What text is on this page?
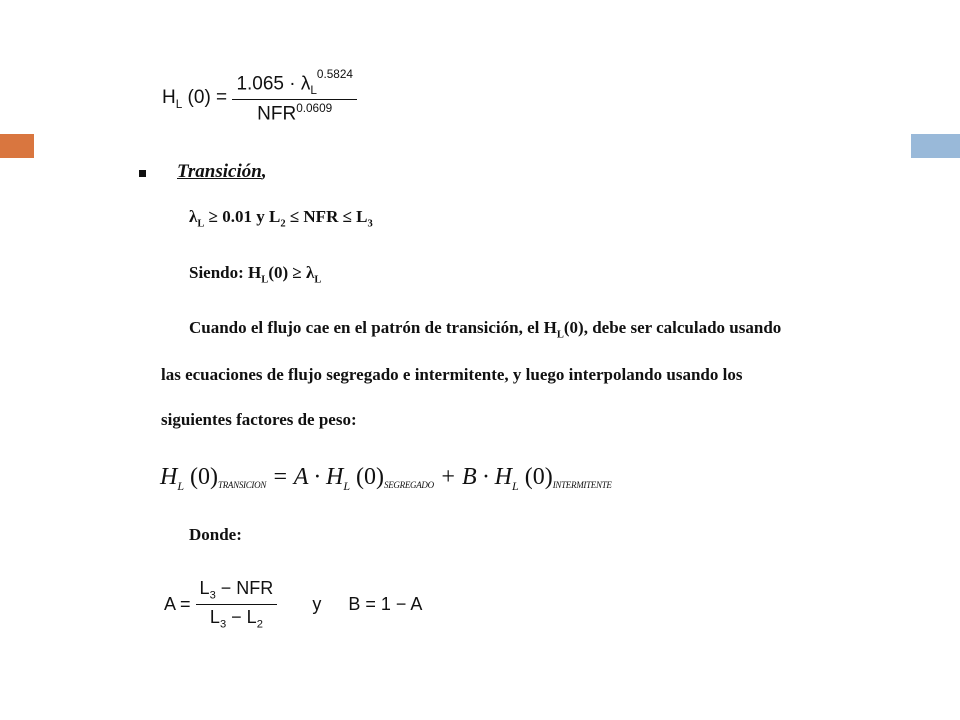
$H_L$ $(0) = \frac{1.065 \cdot \lambda_L^{0.5824}}{NFR^{0.0609}}$
Transición,
$\lambda_L \ge 0.01$ y $L_2$ ≤ NFR ≤ $L_3$
Siendo: $H_L(0) \ge \lambda_L$
Cuando el flujo cae en el patrón de transición, el $H_L(0)$, debe ser calculado usando
las ecuaciones de flujo segregado e intermitente, y luego interpolando usando los
siguientes factores de peso:
$H_L$ (0)TRANSICION = $A \cdot H_L$ (0)SEGREGADO + $B \cdot H_L$ (0)INTERMITENTE
Donde:
$A = \frac{L_3 - NFR}{L_3 - L_2}$ y B = 1 − A
